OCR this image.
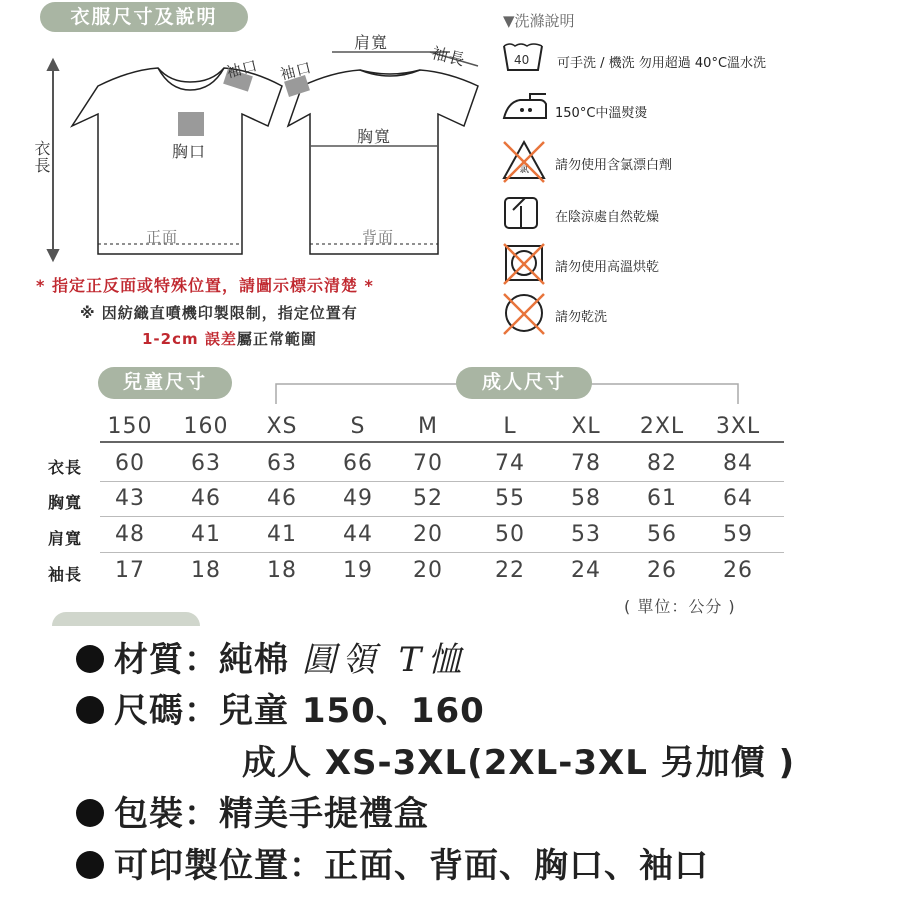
衣服尺寸及說明
肩寬
袖長
袖口 袖口
胸口
胸寬
衣長
正面	背面
* 指定正反面或特殊位置，請圖示標示清楚 *
※ 因紡織直噴機印製限制，指定位置有
1-2cm 誤差屬正常範圍
▼洗滌說明
40 可手洗 / 機洗 勿用超過 40°C溫水洗
150°C中溫熨燙
氯 請勿使用含氯漂白劑
在陰涼處自然乾燥
請勿使用高溫烘乾
請勿乾洗
兒童尺寸	成人尺寸
150	160	XS	S	M	L	XL	2XL	3XL
衣長	60	63	63	66	70	74	78	82	84
胸寬	43	46	46	49	52	55	58	61	64
肩寬	48	41	41	44	20	50	53	56	59
袖長	17	18	18	19	20	22	24	26	26
( 單位：公分 )
材質：純棉 圓領 T恤
尺碼：兒童 150、160
成人 XS-3XL(2XL-3XL 另加價 )
包裝：精美手提禮盒
可印製位置：正面、背面、胸口、袖口
